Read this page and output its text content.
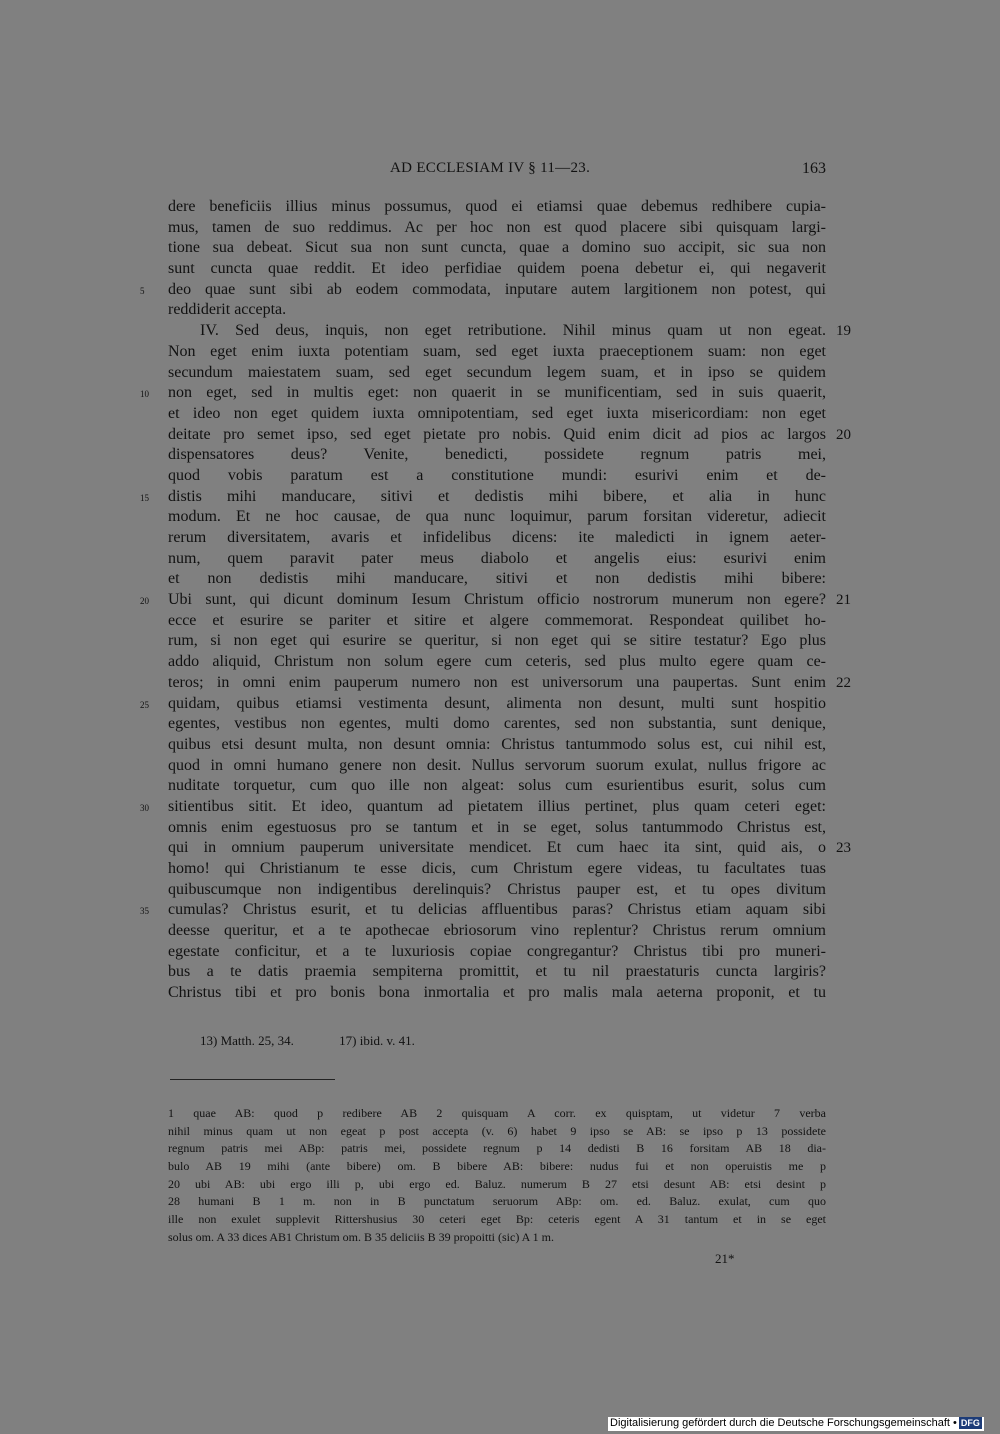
AD ECCLESIAM IV § 11—23.	163
dere beneficiis illius minus possumus, quod ei etiamsi quae debemus redhibere cupia-
mus, tamen de suo reddimus. Ac per hoc non est quod placere sibi quisquam largi-
tione sua debeat. Sicut sua non sunt cuncta, quae a domino suo accipit, sic sua non
sunt cuncta quae reddit. Et ideo perfidiae quidem poena debetur ei, qui negaverit
deo quae sunt sibi ab eodem commodata, inputare autem largitionem non potest, qui
5
reddiderit accepta.
IV. Sed deus, inquis, non eget retributione. Nihil minus quam ut non egeat. 19
Non eget enim iuxta potentiam suam, sed eget iuxta praeceptionem suam: non eget
secundum maiestatem suam, sed eget secundum legem suam, et in ipso se quidem
non eget, sed in multis eget: non quaerit in se munificentiam, sed in suis quaerit,
10
et ideo non eget quidem iuxta omnipotentiam, sed eget iuxta misericordiam: non eget
deitate pro semet ipso, sed eget pietate pro nobis. Quid enim dicit ad pios ac largos 20
dispensatores deus? Venite, benedicti, possidete regnum patris mei,
quod vobis paratum est a constitutione mundi: esurivi enim et de-
distis mihi manducare, sitivi et dedistis mihi bibere, et alia in hunc
15
modum. Et ne hoc causae, de qua nunc loquimur, parum forsitan videretur, adiecit
rerum diversitatem, avaris et infidelibus dicens: ite maledicti in ignem aeter-
num, quem paravit pater meus diabolo et angelis eius: esurivi enim
et non dedistis mihi manducare, sitivi et non dedistis mihi bibere:
Ubi sunt, qui dicunt dominum Iesum Christum officio nostrorum munerum non egere?
20	21
ecce et esurire se pariter et sitire et algere commemorat. Respondeat quilibet ho-
rum, si non eget qui esurire se queritur, si non eget qui se sitire testatur? Ego plus
addo aliquid, Christum non solum egere cum ceteris, sed plus multo egere quam ce-
teros; in omni enim pauperum numero non est universorum una paupertas. Sunt enim 22
quidam, quibus etiamsi vestimenta desunt, alimenta non desunt, multi sunt hospitio
25
egentes, vestibus non egentes, multi domo carentes, sed non substantia, sunt denique,
quibus etsi desunt multa, non desunt omnia: Christus tantummodo solus est, cui nihil est,
quod in omni humano genere non desit. Nullus servorum suorum exulat, nullus frigore ac
nuditate torquetur, cum quo ille non algeat: solus cum esurientibus esurit, solus cum
sitientibus sitit. Et ideo, quantum ad pietatem illius pertinet, plus quam ceteri eget:
30
omnis enim egestuosus pro se tantum et in se eget, solus tantummodo Christus est,
qui in omnium pauperum universitate mendicet. Et cum haec ita sint, quid ais, o 23
homo! qui Christianum te esse dicis, cum Christum egere videas, tu facultates tuas
quibuscumque non indigentibus derelinquis? Christus pauper est, et tu opes divitum
cumulas? Christus esurit, et tu delicias affluentibus paras? Christus etiam aquam sibi
35
deesse queritur, et a te apothecae ebriosorum vino replentur? Christus rerum omnium
egestate conficitur, et a te luxuriosis copiae congregantur? Christus tibi pro muneri-
bus a te datis praemia sempiterna promittit, et tu nil praestaturis cuncta largiris?
Christus tibi et pro bonis bona inmortalia et pro malis mala aeterna proponit, et tu
13) Matth. 25, 34.	17) ibid. v. 41.
1 quae AB: quod p redibere AB 2 quisquam A corr. ex quisptam, ut videtur 7 verba
nihil minus quam ut non egeat p post accepta (v. 6) habet 9 ipso se AB: se ipso p 13 possidete
regnum patris mei ABp: patris mei, possidete regnum p 14 dedisti B 16 forsitam AB 18 dia-
bulo AB 19 mihi (ante bibere) om. B bibere AB: bibere: nudus fui et non operuistis me p
20 ubi AB: ubi ergo illi p, ubi ergo ed. Baluz. numerum B 27 etsi desunt AB: etsi desint p
28 humani B 1 m. non in B punctatum seruorum ABp: om. ed. Baluz. exulat, cum quo
ille non exulet supplevit Rittershusius 30 ceteri eget Bp: ceteris egent A 31 tantum et in se eget
solus om. A 33 dices AB1 Christum om. B 35 deliciis B 39 propoitti (sic) A 1 m.
21*
Digitalisierung gefördert durch die Deutsche Forschungsgemeinschaft • DFG
